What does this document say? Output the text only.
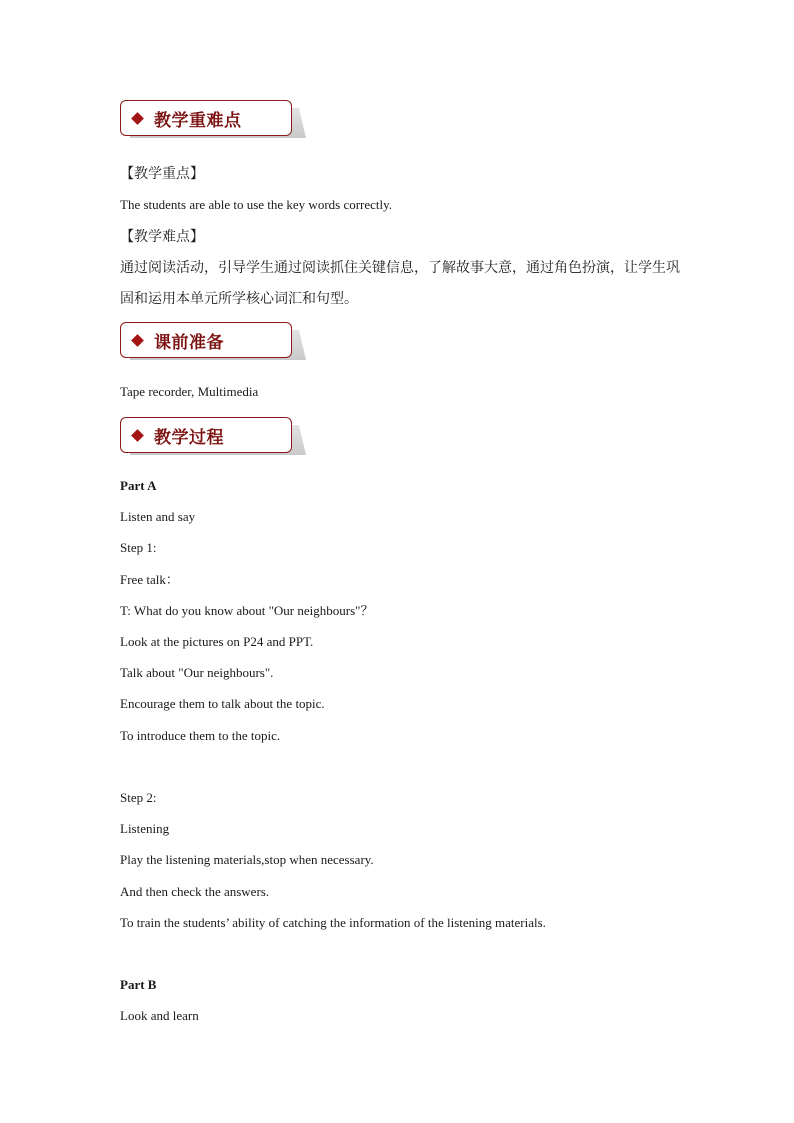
教学重难点
【教学重点】
The students are able to use the key words correctly.
【教学难点】
通过阅读活动，引导学生通过阅读抓住关键信息，了解故事大意，通过角色扮演，让学生巩
固和运用本单元所学核心词汇和句型。
课前准备
Tape recorder, Multimedia
教学过程
Part A
Listen and say
Step 1:
Free talk：
T: What do you know about "Our neighbours"？
Look at the pictures on P24 and PPT.
Talk about "Our neighbours".
Encourage them to talk about the topic.
To introduce them to the topic.
Step 2:
Listening
Play the listening materials,stop when necessary.
And then check the answers.
To train the students’ ability of catching the information of the listening materials.
Part B
Look and learn
